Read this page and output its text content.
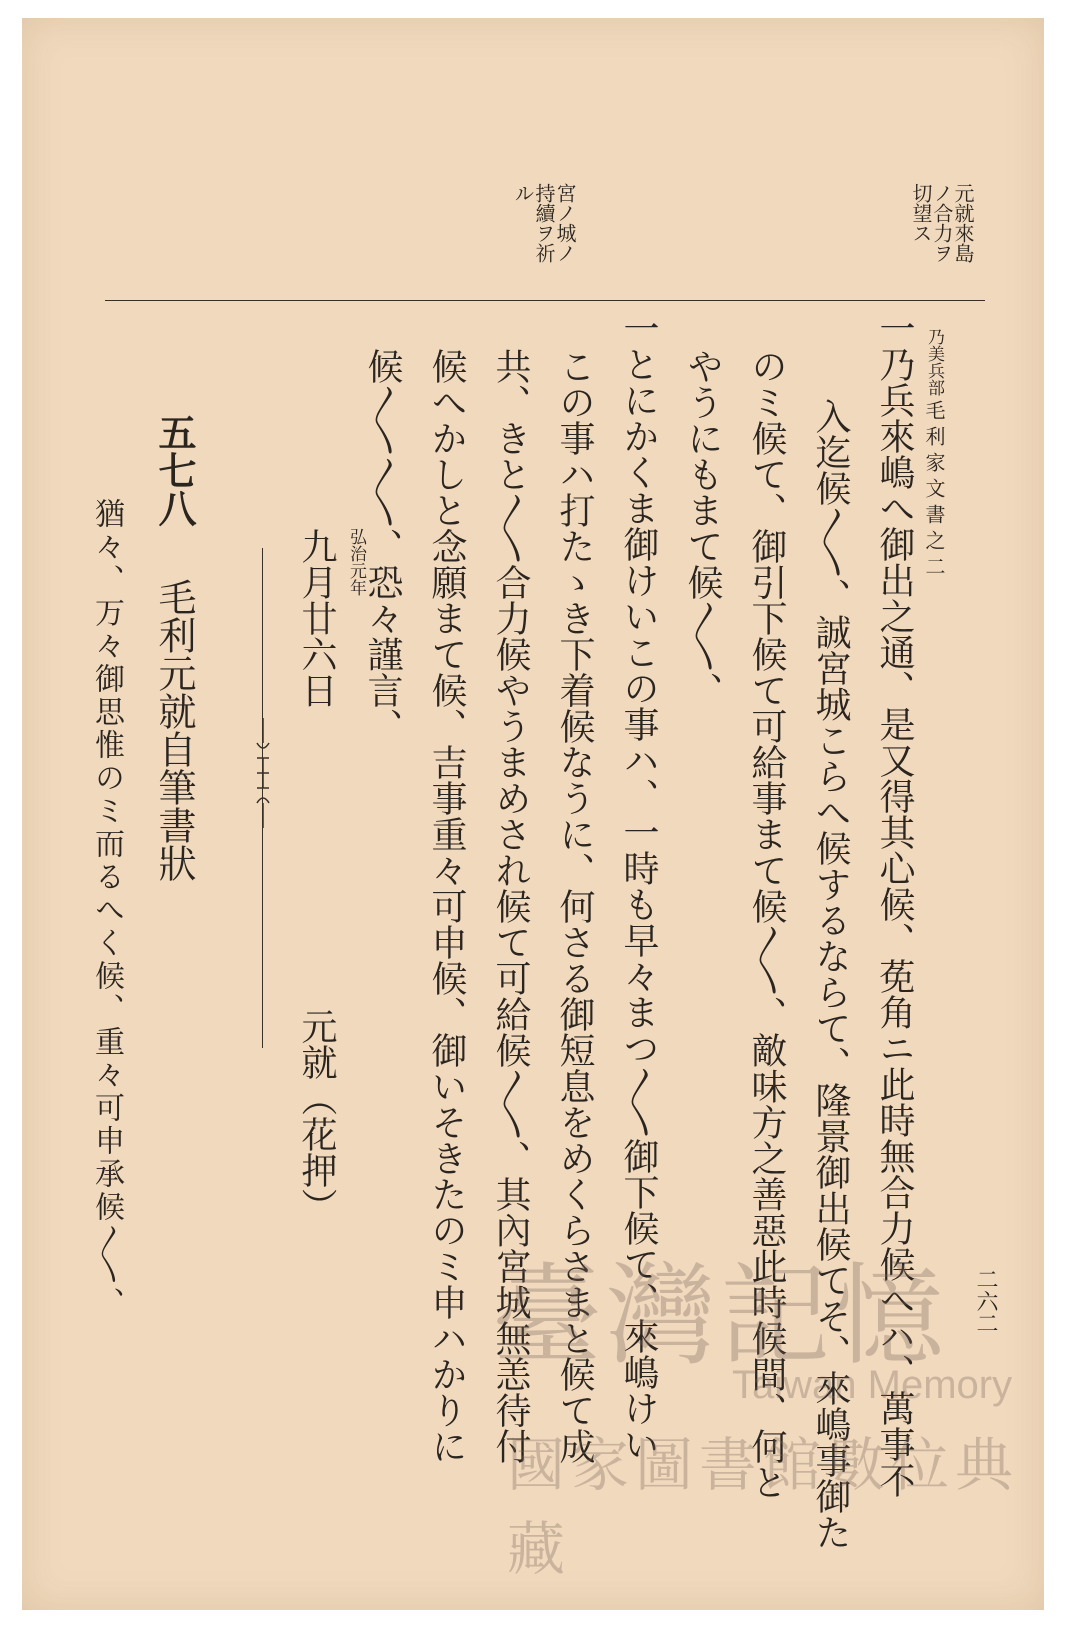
毛利家文書之二
二六二
元就來島
ノ合力ヲ
切望ス
宮ノ城ノ
持續ヲ祈
ル
乃美兵部
一乃兵來嶋へ御出之通、是又得其心候、莬角ニ此時無合力候へハ、萬事不
入迄候〳〵、誠宮城こらへ候するならて、隆景御出候てそ、來嶋事御た
のミ候て、御引下候て可給事まて候〳〵、敵味方之善惡此時候間、何と
やうにもまて候〳〵、
一とにかくま御けいこの事ハ、一時も早々まつ〳〵御下候て、來嶋けい
この事ハ打たゝき下着候なうに、何さる御短息をめくらさまと候て成
共、きと〳〵合力候やうまめされ候て可給候〳〵、其內宮城無恙待付
候へかしと念願まて候、吉事重々可申候、御いそきたのミ申ハかりに
候〳〵〳〵、恐々謹言、
弘治元年
九月廿六日
元就（花押）
五七八
毛利元就自筆書狀
猶々、万々御思惟のミ而るへく候、重々可申承候〳〵、	臺灣記憶
Taiwan Memory
國家圖書館數位典藏
